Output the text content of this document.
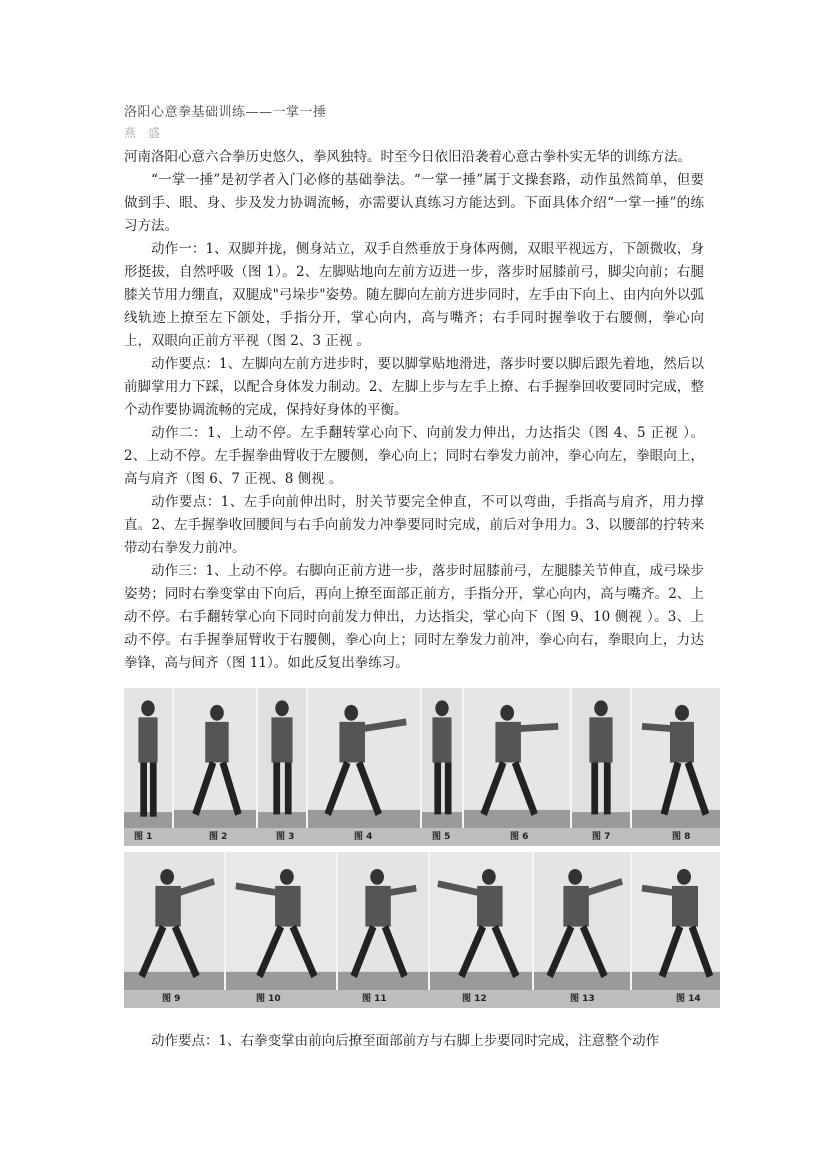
洛阳心意拳基础训练——一掌一捶
燕 盛

河南洛阳心意六合拳历史悠久，拳风独特。时至今日依旧沿袭着心意古拳朴实无华的训练方法。

“一掌一捶”是初学者入门必修的基础拳法。“一掌一捶”属于文操套路，动作虽然简单，但要做到手、眼、身、步及发力协调流畅，亦需要认真练习方能达到。下面具体介绍“一掌一捶”的练习方法。

动作一：1、双脚并拢，侧身站立，双手自然垂放于身体两侧，双眼平视远方，下颌微收，身形挺拔，自然呼吸（图 1）。2、左脚贴地向左前方迈进一步，落步时屈膝前弓，脚尖向前；右腿膝关节用力绷直，双腿成"弓垛步"姿势。随左脚向左前方进步同时，左手由下向上、由内向外以弧线轨迹上撩至左下颌处，手指分开，掌心向内，高与嘴齐；右手同时握拳收于右腰侧，拳心向上，双眼向正前方平视（图 2、3 正视 。

动作要点：1、左脚向左前方进步时，要以脚掌贴地滑进，落步时要以脚后跟先着地，然后以前脚掌用力下踩，以配合身体发力制动。2、左脚上步与左手上撩、右手握拳回收要同时完成，整个动作要协调流畅的完成，保持好身体的平衡。

动作二：1、上动不停。左手翻转掌心向下、向前发力伸出，力达指尖（图 4、5 正视 ）。2、上动不停。左手握拳曲臂收于左腰侧，拳心向上；同时右拳发力前冲，拳心向左，拳眼向上，高与肩齐（图 6、7 正视、8 侧视 。

动作要点：1、左手向前伸出时，肘关节要完全伸直，不可以弯曲，手指高与肩齐，用力撑直。2、左手握拳收回腰间与右手向前发力冲拳要同时完成，前后对争用力。3、以腰部的拧转来带动右拳发力前冲。

动作三：1、上动不停。右脚向正前方进一步，落步时屈膝前弓，左腿膝关节伸直，成弓垛步姿势；同时右拳变掌由下向后，再向上撩至面部正前方，手指分开，掌心向内，高与嘴齐。2、上动不停。右手翻转掌心向下同时向前发力伸出，力达指尖，掌心向下（图 9、10 侧视 ）。3、上动不停。右手握拳屈臂收于右腰侧，拳心向上；同时左拳发力前冲，拳心向右，拳眼向上，力达拳锋，高与间齐（图 11）。如此反复出拳练习。

图 1	图 2	图 3	图 4	图 5	图 6	图 7	图 8
图 9	图 10	图 11	图 12	图 13	图 14

动作要点：1、右拳变掌由前向后撩至面部前方与右脚上步要同时完成，注意整个动作
